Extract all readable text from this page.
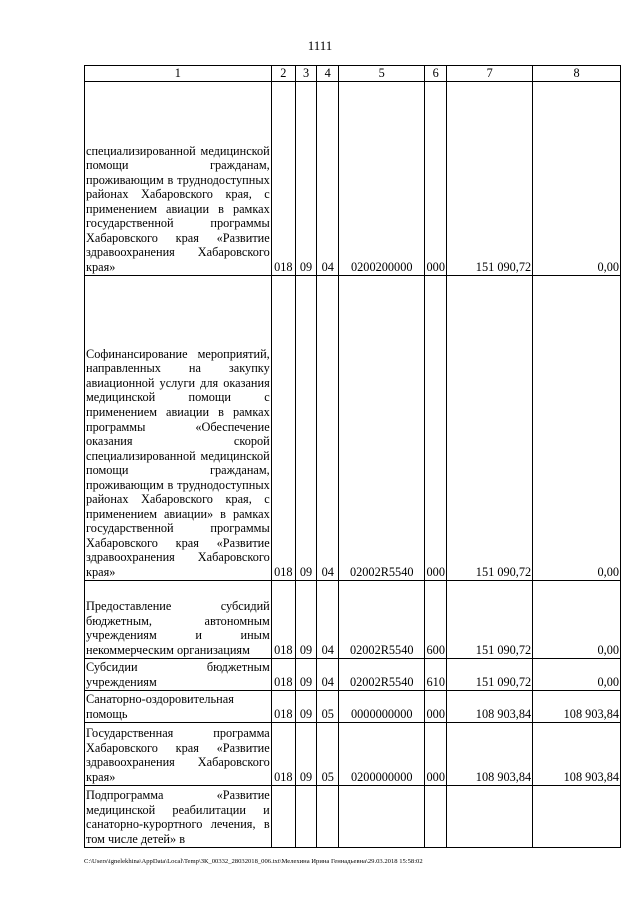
1111
1	2	3	4	5	6	7	8
специализированной медицинской помощи гражданам, проживающим в труднодоступных районах Хабаровского края, с применением авиации в рамках государственной программы Хабаровского края «Развитие здравоохранения Хабаровского края»	018	09	04	0200200000	000	151 090,72	0,00
Софинансирование мероприятий, направленных на закупку авиационной услуги для оказания медицинской помощи с применением авиации в рамках программы «Обеспечение оказания скорой специализированной медицинской помощи гражданам, проживающим в труднодоступных районах Хабаровского края, с применением авиации» в рамках государственной программы Хабаровского края «Развитие здравоохранения Хабаровского края»	018	09	04	02002R5540	000	151 090,72	0,00
Предоставление субсидий бюджетным, автономным учреждениям и иным некоммерческим организациям	018	09	04	02002R5540	600	151 090,72	0,00
Субсидии бюджетным учреждениям	018	09	04	02002R5540	610	151 090,72	0,00
Санаторно-оздоровительная помощь	018	09	05	0000000000	000	108 903,84	108 903,84
Государственная программа Хабаровского края «Развитие здравоохранения Хабаровского края»	018	09	05	0200000000	000	108 903,84	108 903,84
Подпрограмма «Развитие медицинской реабилитации и санаторно-курортного лечения, в том числе детей» в							
C:\Users\ignelekhina\AppData\Local\Temp\ЗК_00332_28032018_006.txt\Мелехина Ирина Геннадьевна\29.03.2018 15:58:02
